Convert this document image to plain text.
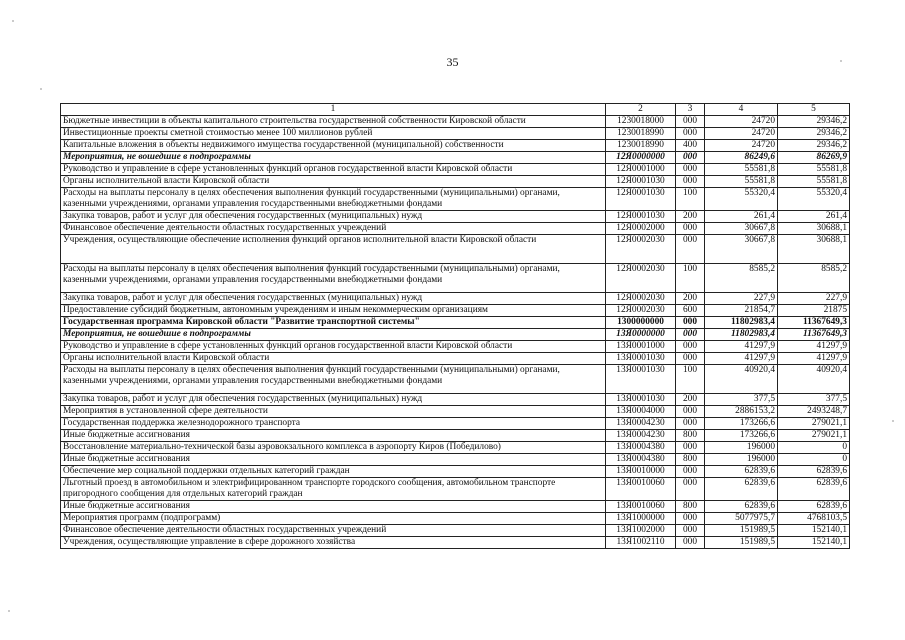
35
1	2	3	4	5
Бюджетные инвестиции в объекты капитального строительства государственной собственности Кировской области	1230018000	000	24720	29346,2
Инвестиционные проекты сметной стоимостью менее 100 миллионов рублей	1230018990	000	24720	29346,2
Капитальные вложения в объекты недвижимого имущества государственной (муниципальной) собственности	1230018990	400	24720	29346,2
Мероприятия, не вошедшие в подпрограммы	12Я0000000	000	86249,6	86269,9
Руководство и управление в сфере установленных функций органов государственной власти Кировской области	12Я0001000	000	55581,8	55581,8
Органы исполнительной власти Кировской области	12Я0001030	000	55581,8	55581,8
Расходы на выплаты персоналу в целях обеспечения выполнения функций государственными (муниципальными) органами, казенными учреждениями, органами управления государственными внебюджетными фондами	12Я0001030	100	55320,4	55320,4
Закупка товаров, работ и услуг для обеспечения государственных (муниципальных) нужд	12Я0001030	200	261,4	261,4
Финансовое обеспечение деятельности областных государственных учреждений	12Я0002000	000	30667,8	30688,1
Учреждения, осуществляющие обеспечение исполнения функций органов исполнительной власти Кировской области	12Я0002030	000	30667,8	30688,1
Расходы на выплаты персоналу в целях обеспечения выполнения функций государственными (муниципальными) органами, казенными учреждениями, органами управления государственными внебюджетными фондами	12Я0002030	100	8585,2	8585,2
Закупка товаров, работ и услуг для обеспечения государственных (муниципальных) нужд	12Я0002030	200	227,9	227,9
Предоставление субсидий бюджетным, автономным учреждениям и иным некоммерческим организациям	12Я0002030	600	21854,7	21875
Государственная программа Кировской области "Развитие транспортной системы"	1300000000	000	11802983,4	11367649,3
Мероприятия, не вошедшие в подпрограммы	13Я0000000	000	11802983,4	11367649,3
Руководство и управление в сфере установленных функций органов государственной власти Кировской области	13Я0001000	000	41297,9	41297,9
Органы исполнительной власти Кировской области	13Я0001030	000	41297,9	41297,9
Расходы на выплаты персоналу в целях обеспечения выполнения функций государственными (муниципальными) органами, казенными учреждениями, органами управления государственными внебюджетными фондами	13Я0001030	100	40920,4	40920,4
Закупка товаров, работ и услуг для обеспечения государственных (муниципальных) нужд	13Я0001030	200	377,5	377,5
Мероприятия в установленной сфере деятельности	13Я0004000	000	2886153,2	2493248,7
Государственная поддержка железнодорожного транспорта	13Я0004230	000	173266,6	279021,1
Иные бюджетные ассигнования	13Я0004230	800	173266,6	279021,1
Восстановление материально-технической базы аэровокзального комплекса в аэропорту Киров (Победилово)	13Я0004380	000	196000	0
Иные бюджетные ассигнования	13Я0004380	800	196000	0
Обеспечение мер социальной поддержки отдельных категорий граждан	13Я0010000	000	62839,6	62839,6
Льготный проезд в автомобильном и электрифицированном транспорте городского сообщения, автомобильном транспорте пригородного сообщения для отдельных категорий граждан	13Я0010060	000	62839,6	62839,6
Иные бюджетные ассигнования	13Я0010060	800	62839,6	62839,6
Мероприятия программ (подпрограмм)	13Я1000000	000	5077975,7	4768103,5
Финансовое обеспечение деятельности областных государственных учреждений	13Я1002000	000	151989,5	152140,1
Учреждения, осуществляющие управление в сфере дорожного хозяйства	13Я1002110	000	151989,5	152140,1
